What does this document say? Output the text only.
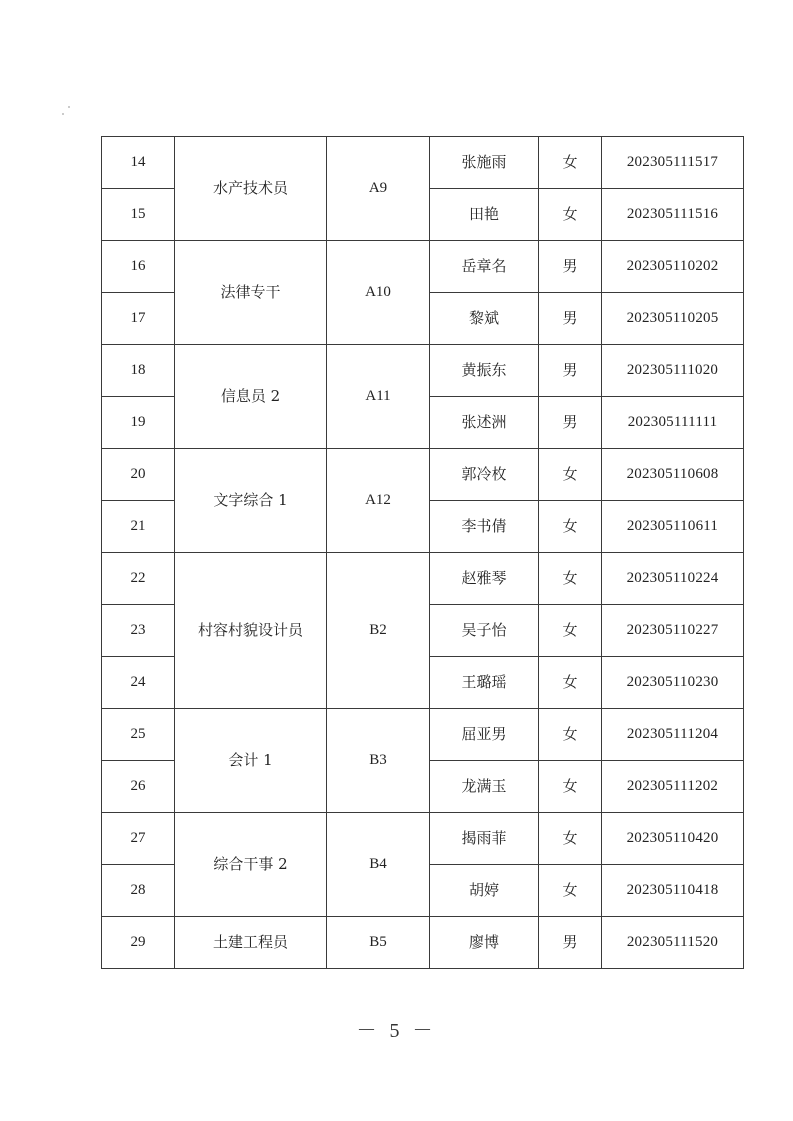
14	水产技术员	A9	张施雨	女	202305111517
15			田艳	女	202305111516
16	法律专干	A10	岳章名	男	202305110202
17			黎斌	男	202305110205
18	信息员 2	A11	黄振东	男	202305111020
19			张述洲	男	202305111111
20	文字综合 1	A12	郭冷枚	女	202305110608
21			李书倩	女	202305110611
22	村容村貌设计员	B2	赵雅琴	女	202305110224
23			吴子怡	女	202305110227
24			王璐瑶	女	202305110230
25	会计 1	B3	屈亚男	女	202305111204
26			龙满玉	女	202305111202
27	综合干事 2	B4	揭雨菲	女	202305110420
28			胡婷	女	202305110418
29	土建工程员	B5	廖博	男	202305111520
－ 5 －
